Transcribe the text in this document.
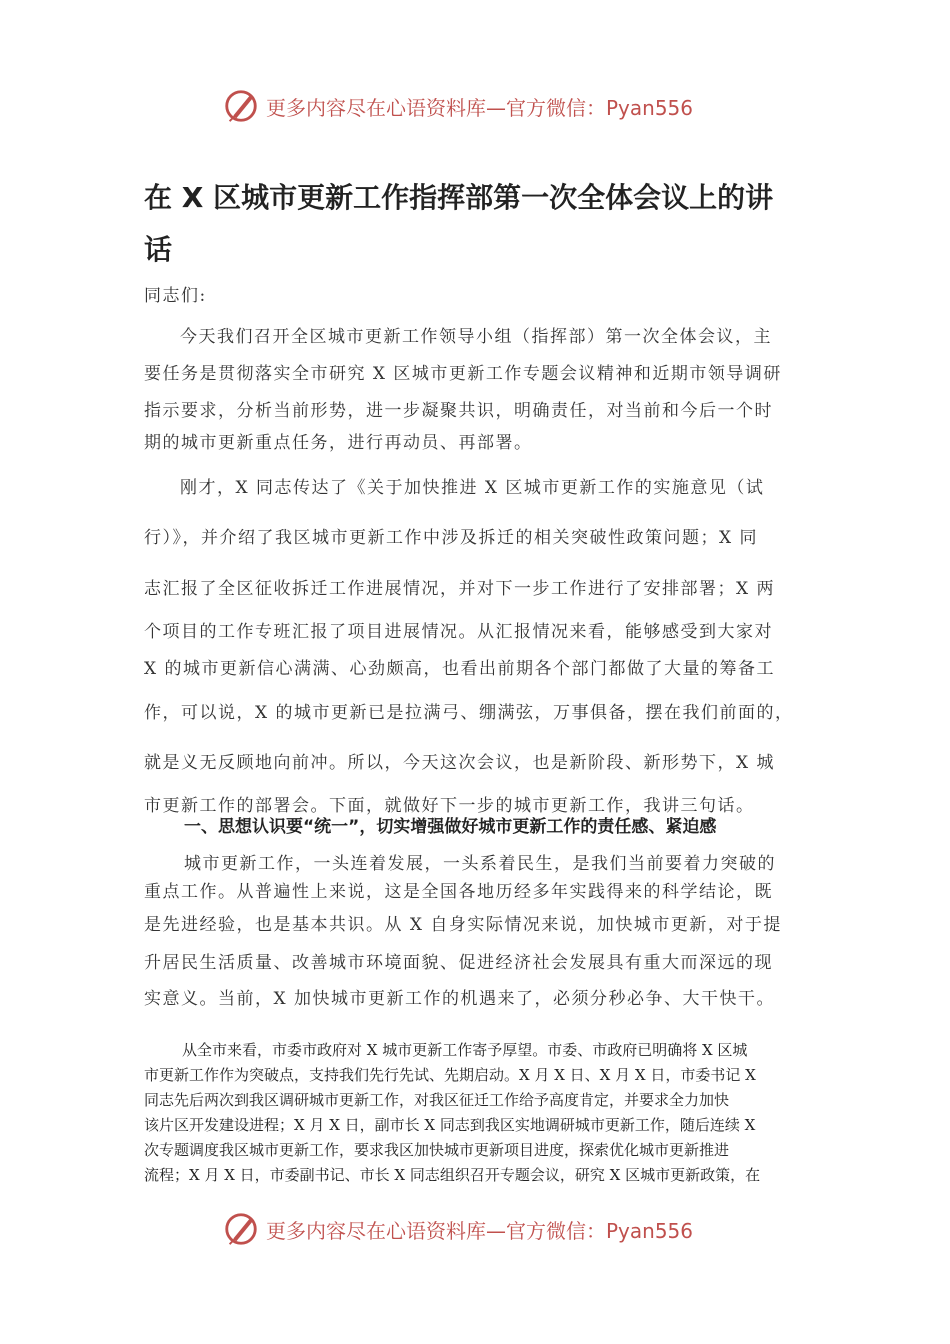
更多内容尽在心语资料库—官方微信：Pyan556
在 X 区城市更新工作指挥部第一次全体会议上的讲
话

同志们:

今天我们召开全区城市更新工作领导小组（指挥部）第一次全体会议，主
要任务是贯彻落实全市研究 X 区城市更新工作专题会议精神和近期市领导调研
指示要求，分析当前形势，进一步凝聚共识，明确责任，对当前和今后一个时
期的城市更新重点任务，进行再动员、再部署。

刚才，X 同志传达了《关于加快推进 X 区城市更新工作的实施意见（试
行）》，并介绍了我区城市更新工作中涉及拆迁的相关突破性政策问题；X 同
志汇报了全区征收拆迁工作进展情况，并对下一步工作进行了安排部署；X 两
个项目的工作专班汇报了项目进展情况。从汇报情况来看，能够感受到大家对
X 的城市更新信心满满、心劲颇高，也看出前期各个部门都做了大量的筹备工
作，可以说，X 的城市更新已是拉满弓、绷满弦，万事俱备，摆在我们前面的，
就是义无反顾地向前冲。所以，今天这次会议，也是新阶段、新形势下，X 城
市更新工作的部署会。下面，就做好下一步的城市更新工作，我讲三句话。

一、思想认识要“统一”，切实增强做好城市更新工作的责任感、紧迫感

城市更新工作，一头连着发展，一头系着民生，是我们当前要着力突破的
重点工作。从普遍性上来说，这是全国各地历经多年实践得来的科学结论，既
是先进经验，也是基本共识。从 X 自身实际情况来说，加快城市更新，对于提
升居民生活质量、改善城市环境面貌、促进经济社会发展具有重大而深远的现
实意义。当前，X 加快城市更新工作的机遇来了，必须分秒必争、大干快干。

从全市来看，市委市政府对 X 城市更新工作寄予厚望。市委、市政府已明确将 X 区城
市更新工作作为突破点，支持我们先行先试、先期启动。X 月 X 日、X 月 X 日，市委书记 X
同志先后两次到我区调研城市更新工作，对我区征迁工作给予高度肯定，并要求全力加快
该片区开发建设进程；X 月 X 日，副市长 X 同志到我区实地调研城市更新工作，随后连续 X
次专题调度我区城市更新工作，要求我区加快城市更新项目进度，探索优化城市更新推进
流程；X 月 X 日，市委副书记、市长 X 同志组织召开专题会议，研究 X 区城市更新政策，在

更多内容尽在心语资料库—官方微信：Pyan556
